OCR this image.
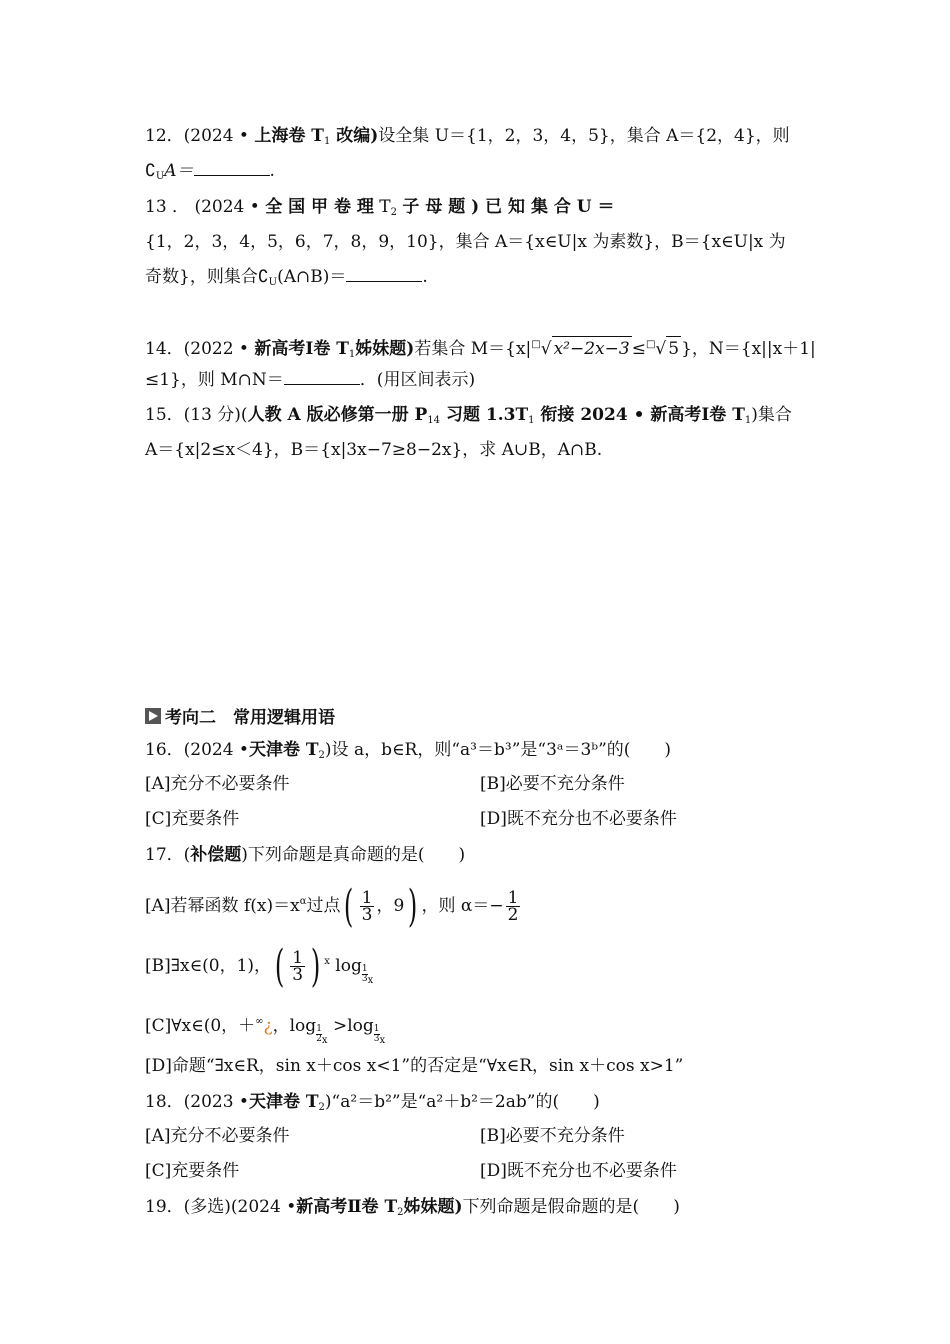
12．(2024 • 上海卷 $T_1$ 改编)设全集 U＝{1，2，3，4，5}，集合 A＝{2，4}，则
$∁_UA=$	.
13 ． (2024 • 全 国 甲 卷 理 $T_2$ 子 母 题 ) 已 知 集 合 U ＝
{1，2，3，4，5，6，7，8，9，10}，集合 A＝{x∈U|x 为素数}，B＝{x∈U|x 为
奇数}，则集合$∁_U(A\cap B)=$	.
14．(2022 • 新高考Ⅰ卷 $T_1$姊妹题)若集合 M＝{x|□√ x²−2x−3 ≤□√ 5 }，N＝{x||x＋1|
≤1}，则 M∩N＝	．(用区间表示)
15．(13 分)(人教 A 版必修第一册 $P_{14}$ 习题 $1.3T_1$ 衔接 2024 • 新高考Ⅰ卷 $T_1$)集合
A＝{x|2≤x＜4}，B＝{x|3x−7≥8−2x}，求 A∪B，A∩B.
考向二　常用逻辑用语
16．(2024 •天津卷 $T_2$)设 a，b∈R，则“a³＝b³”是“3ᵃ＝3ᵇ”的(　　)
[A]充分不必要条件	[B]必要不充分条件
[C]充要条件	[D]既不充分也不必要条件
17．(补偿题)下列命题是真命题的是(　　)
[A]若幂函数 $f(x)=x^\alpha$过点( $\frac{1}{3}$ ，9) ，则 $\alpha=- \frac{1}{2}$
[B]∃x∈(0，1)，( $\frac{1}{3}$ ) $^x$ $\log \frac{1}{3} _x$
[C]∀x∈(0，＋∞¿，$\log \frac{1}{2} _x >\log \frac{1}{3} _x$
[D]命题“∃x∈R，sin x＋cos x<1”的否定是“∀x∈R，sin x＋cos x>1”
18．(2023 •天津卷 $T_2)“a^2=b^2$”是“a²＋b²＝2ab”的(　　)
[A]充分不必要条件	[B]必要不充分条件
[C]充要条件	[D]既不充分也不必要条件
19．(多选)(2024 •新高考Ⅱ卷 $T_2$姊妹题)下列命题是假命题的是(　　)
